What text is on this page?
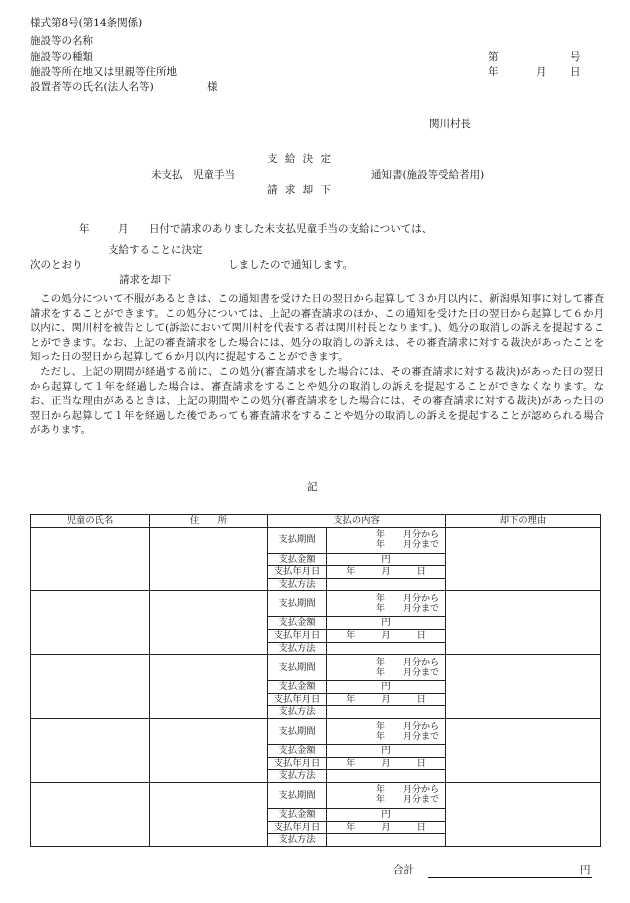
様式第8号(第14条関係)
施設等の名称
施設等の種類
施設等所在地又は里親等住所地
設置者等の氏名(法人名等)	様
第	号
年	月 日
関川村長
支 給 決 定
未支払　児童手当	通知書(施設等受給者用)
請 求 却 下
年	月 日付で請求のありました未支払児童手当の支給については、
支給することに決定
次のとおり	しましたので通知します。
請求を却下

この処分について不服があるときは、この通知書を受けた日の翌日から起算して３か月以内に、新潟県知事に対して審査請求をすることができます。この処分については、上記の審査請求のほか、この通知を受けた日の翌日から起算して６か月以内に、関川村を被告として(訴訟において関川村を代表する者は関川村長となります。)、処分の取消しの訴えを提起することができます。なお、上記の審査請求をした場合には、処分の取消しの訴えは、その審査請求に対する裁決があったことを知った日の翌日から起算して６か月以内に提起することができます。

ただし、上記の期間が経過する前に、この処分(審査請求をした場合には、その審査請求に対する裁決)があった日の翌日から起算して１年を経過した場合は、審査請求をすることや処分の取消しの訴えを提起することができなくなります。なお、正当な理由があるときは、上記の期間やこの処分(審査請求をした場合には、その審査請求に対する裁決)があった日の翌日から起算して１年を経過した後であっても審査請求をすることや処分の取消しの訴えを提起することが認められる場合があります。

記
児童の氏名	住　　所	支払の内容		却下の理由
		支払期間	年　　月分から
年　　月分まで	

		支払金額	円	
		支払年月日	年 月 日	

		支払方法		
		支払期間	年　　月分から
年　　月分まで	

		支払金額	円	
		支払年月日	年 月 日	

		支払方法		
		支払期間	年　　月分から
年　　月分まで	

		支払金額	円	
		支払年月日	年 月 日	

		支払方法		
		支払期間	年　　月分から
年　　月分まで	

		支払金額	円	
		支払年月日	年 月 日	

		支払方法		
		支払期間	年　　月分から
年　　月分まで	

		支払金額	円	
		支払年月日	年 月 日	

		支払方法		
合計	円
